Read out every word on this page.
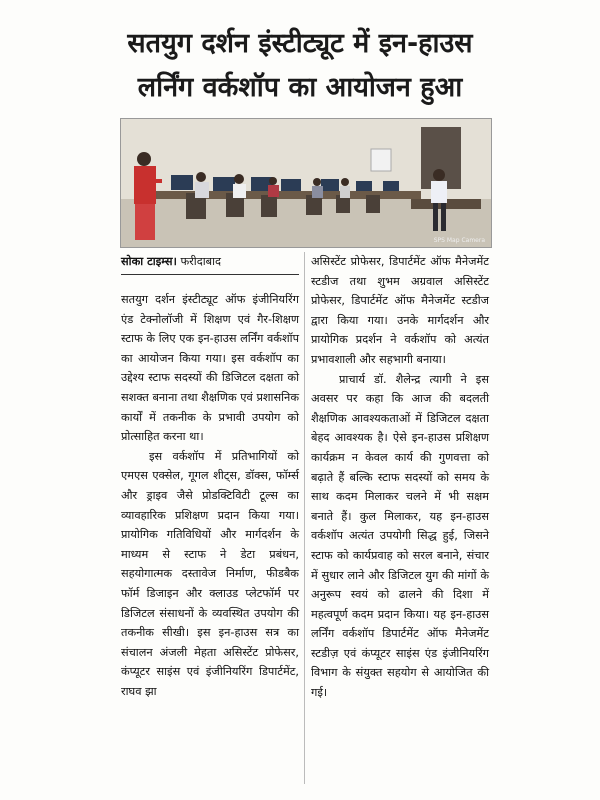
सतयुग दर्शन इंस्टीट्यूट में इन-हाउस
लर्निंग वर्कशॉप का आयोजन हुआ
SPS Map Camera
सोका टाइम्स। फरीदाबाद

सतयुग दर्शन इंस्टीट्यूट ऑफ इंजीनियरिंग एंड टेक्नोलॉजी में शिक्षण एवं गैर-शिक्षण स्टाफ के लिए एक इन-हाउस लर्निंग वर्कशॉप का आयोजन किया गया। इस वर्कशॉप का उद्देश्य स्टाफ सदस्यों की डिजिटल दक्षता को सशक्त बनाना तथा शैक्षणिक एवं प्रशासनिक कार्यों में तकनीक के प्रभावी उपयोग को प्रोत्साहित करना था।

इस वर्कशॉप में प्रतिभागियों को एमएस एक्सेल, गूगल शीट्स, डॉक्स, फॉर्म्स और ड्राइव जैसे प्रोडक्टिविटी टूल्स का व्यावहारिक प्रशिक्षण प्रदान किया गया। प्रायोगिक गतिविधियों और मार्गदर्शन के माध्यम से स्टाफ ने डेटा प्रबंधन, सहयोगात्मक दस्तावेज निर्माण, फीडबैक फॉर्म डिजाइन और क्लाउड प्लेटफॉर्म पर डिजिटल संसाधनों के व्यवस्थित उपयोग की तकनीक सीखी। इस इन-हाउस सत्र का संचालन अंजली मेहता असिस्टेंट प्रोफेसर, कंप्यूटर साइंस एवं इंजीनियरिंग डिपार्टमेंट, राघव झा

असिस्टेंट प्रोफेसर, डिपार्टमेंट ऑफ मैनेजमेंट स्टडीज तथा शुभम अग्रवाल असिस्टेंट प्रोफेसर, डिपार्टमेंट ऑफ मैनेजमेंट स्टडीज द्वारा किया गया। उनके मार्गदर्शन और प्रायोगिक प्रदर्शन ने वर्कशॉप को अत्यंत प्रभावशाली और सहभागी बनाया।

प्राचार्य डॉ. शैलेन्द्र त्यागी ने इस अवसर पर कहा कि आज की बदलती शैक्षणिक आवश्यकताओं में डिजिटल दक्षता बेहद आवश्यक है। ऐसे इन-हाउस प्रशिक्षण कार्यक्रम न केवल कार्य की गुणवत्ता को बढ़ाते हैं बल्कि स्टाफ सदस्यों को समय के साथ कदम मिलाकर चलने में भी सक्षम बनाते हैं। कुल मिलाकर, यह इन-हाउस वर्कशॉप अत्यंत उपयोगी सिद्ध हुई, जिसने स्टाफ को कार्यप्रवाह को सरल बनाने, संचार में सुधार लाने और डिजिटल युग की मांगों के अनुरूप स्वयं को ढालने की दिशा में महत्वपूर्ण कदम प्रदान किया। यह इन-हाउस लर्निंग वर्कशॉप डिपार्टमेंट ऑफ मैनेजमेंट स्टडीज़ एवं कंप्यूटर साइंस एंड इंजीनियरिंग विभाग के संयुक्त सहयोग से आयोजित की गई।
